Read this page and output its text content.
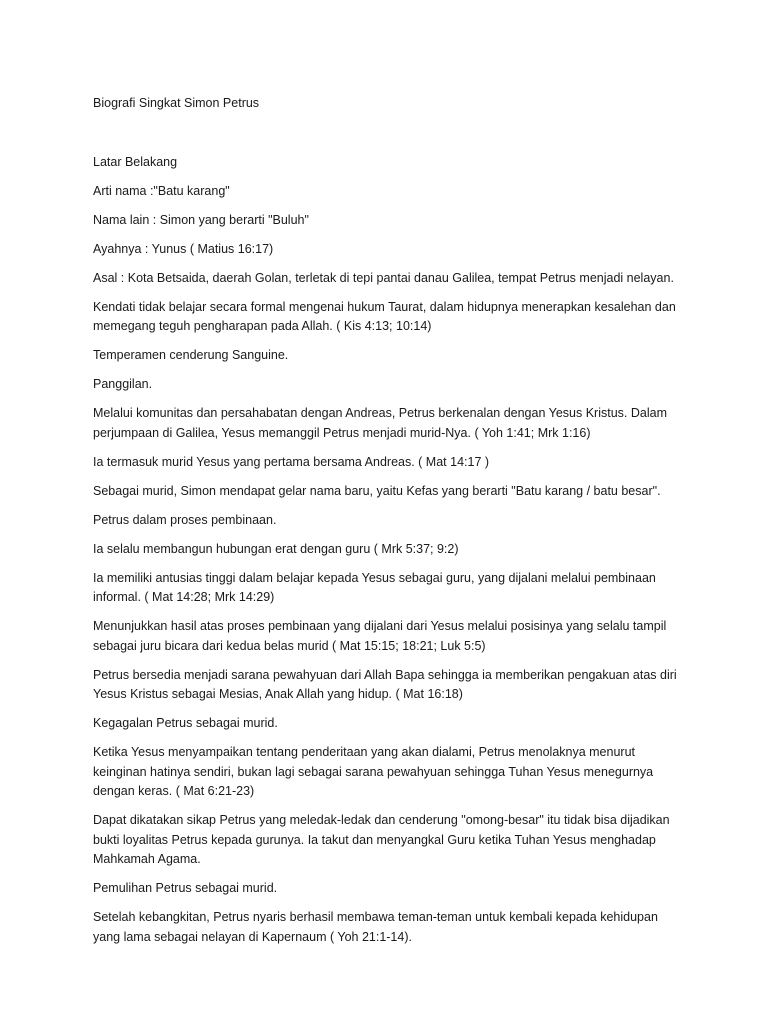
Biografi Singkat Simon Petrus

Latar Belakang

Arti nama :"Batu karang"

Nama lain : Simon yang berarti "Buluh"

Ayahnya : Yunus ( Matius 16:17)

Asal : Kota Betsaida, daerah Golan, terletak di tepi pantai danau Galilea, tempat Petrus menjadi nelayan.

Kendati tidak belajar secara formal mengenai hukum Taurat, dalam hidupnya menerapkan kesalehan dan memegang teguh pengharapan pada Allah. ( Kis 4:13; 10:14)

Temperamen cenderung Sanguine.

Panggilan.

Melalui komunitas dan persahabatan dengan Andreas, Petrus berkenalan dengan Yesus Kristus. Dalam perjumpaan di Galilea, Yesus memanggil Petrus menjadi murid-Nya. ( Yoh 1:41; Mrk 1:16)

Ia termasuk murid Yesus yang pertama bersama Andreas. ( Mat 14:17 )

Sebagai murid, Simon mendapat gelar nama baru, yaitu Kefas yang berarti "Batu karang / batu besar".

Petrus dalam proses pembinaan.

Ia selalu membangun hubungan erat dengan guru ( Mrk 5:37; 9:2)

Ia memiliki antusias tinggi dalam belajar kepada Yesus sebagai guru, yang dijalani melalui pembinaan informal. ( Mat 14:28; Mrk 14:29)

Menunjukkan hasil atas proses pembinaan yang dijalani dari Yesus melalui posisinya yang selalu tampil sebagai juru bicara dari kedua belas murid ( Mat 15:15; 18:21; Luk 5:5)

Petrus bersedia menjadi sarana pewahyuan dari Allah Bapa sehingga ia memberikan pengakuan atas diri Yesus Kristus sebagai Mesias, Anak Allah yang hidup. ( Mat 16:18)

Kegagalan Petrus sebagai murid.

Ketika Yesus menyampaikan tentang penderitaan yang akan dialami, Petrus menolaknya menurut keinginan hatinya sendiri, bukan lagi sebagai sarana pewahyuan sehingga Tuhan Yesus menegurnya dengan keras. ( Mat 6:21-23)

Dapat dikatakan sikap Petrus yang meledak-ledak dan cenderung "omong-besar" itu tidak bisa dijadikan bukti loyalitas Petrus kepada gurunya. Ia takut dan menyangkal Guru ketika Tuhan Yesus menghadap Mahkamah Agama.

Pemulihan Petrus sebagai murid.

Setelah kebangkitan, Petrus nyaris berhasil membawa teman-teman untuk kembali kepada kehidupan yang lama sebagai nelayan di Kapernaum ( Yoh 21:1-14).
